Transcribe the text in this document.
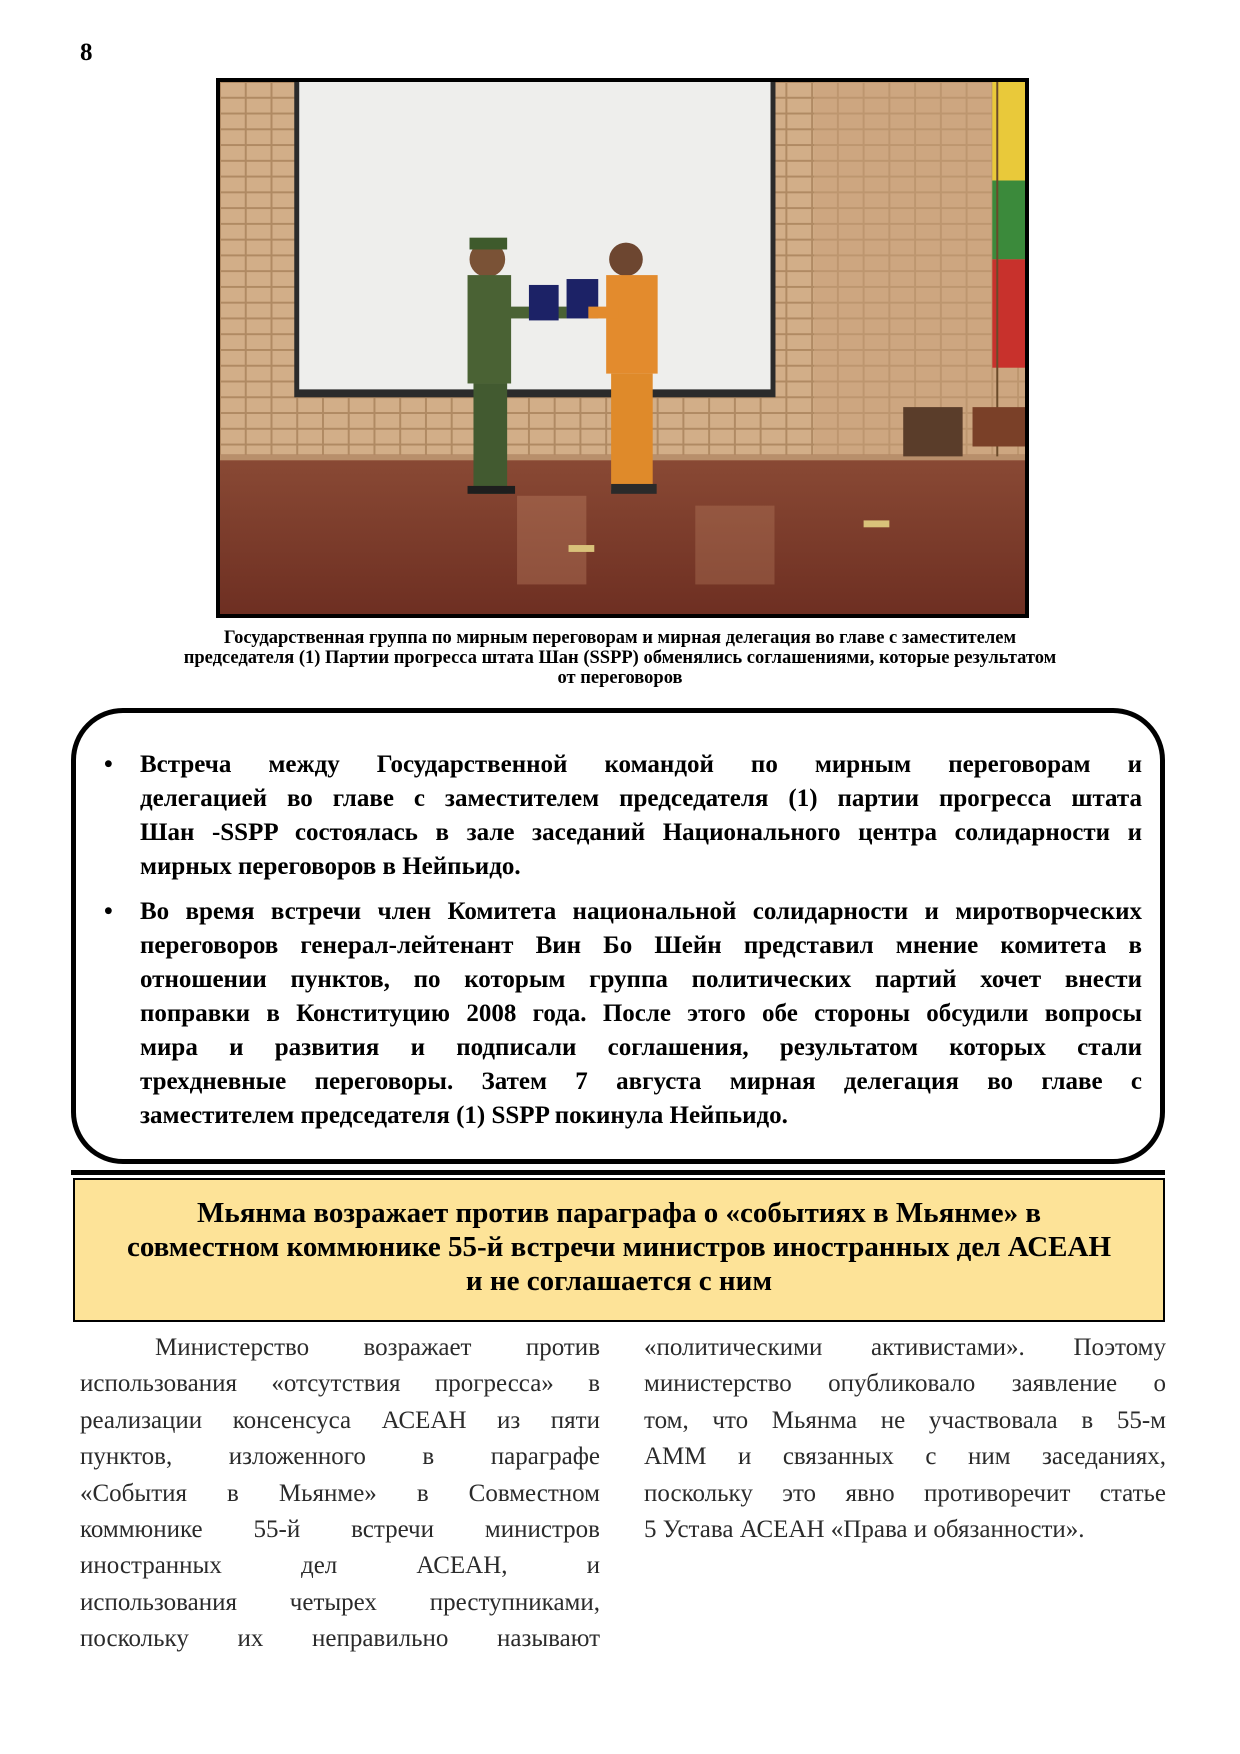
8
Государственная группа по мирным переговорам и мирная делегация во главе с заместителем
председателя (1) Партии прогресса штата Шан (SSPP) обменялись соглашениями, которые результатом
от переговоров
• Встреча между Государственной командой по мирным переговорам и
делегацией во главе с заместителем председателя (1) партии прогресса штата
Шан -SSPP состоялась в зале заседаний Национального центра солидарности и
мирных переговоров в Нейпьидо.
• Во время встречи член Комитета национальной солидарности и миротворческих
переговоров генерал-лейтенант Вин Бо Шейн представил мнение комитета в
отношении пунктов, по которым группа политических партий хочет внести
поправки в Конституцию 2008 года. После этого обе стороны обсудили вопросы
мира и развития и подписали соглашения, результатом которых стали
трехдневные переговоры. Затем 7 августа мирная делегация во главе с
заместителем председателя (1) SSPP покинула Нейпьидо.
Мьянма возражает против параграфа о «событиях в Мьянме» в
совместном коммюнике 55-й встречи министров иностранных дел АСЕАН
и не соглашается с ним
Министерство возражает против
использования «отсутствия прогресса» в
реализации консенсуса АСЕАН из пяти
пунктов, изложенного в параграфе
«События в Мьянме» в Совместном
коммюнике 55-й встречи министров
иностранных дел АСЕАН, и
использования четырех преступниками,
поскольку их неправильно называют
«политическими активистами». Поэтому
министерство опубликовало заявление о
том, что Мьянма не участвовала в 55-м
АММ и связанных с ним заседаниях,
поскольку это явно противоречит статье
5 Устава АСЕАН «Права и обязанности».
